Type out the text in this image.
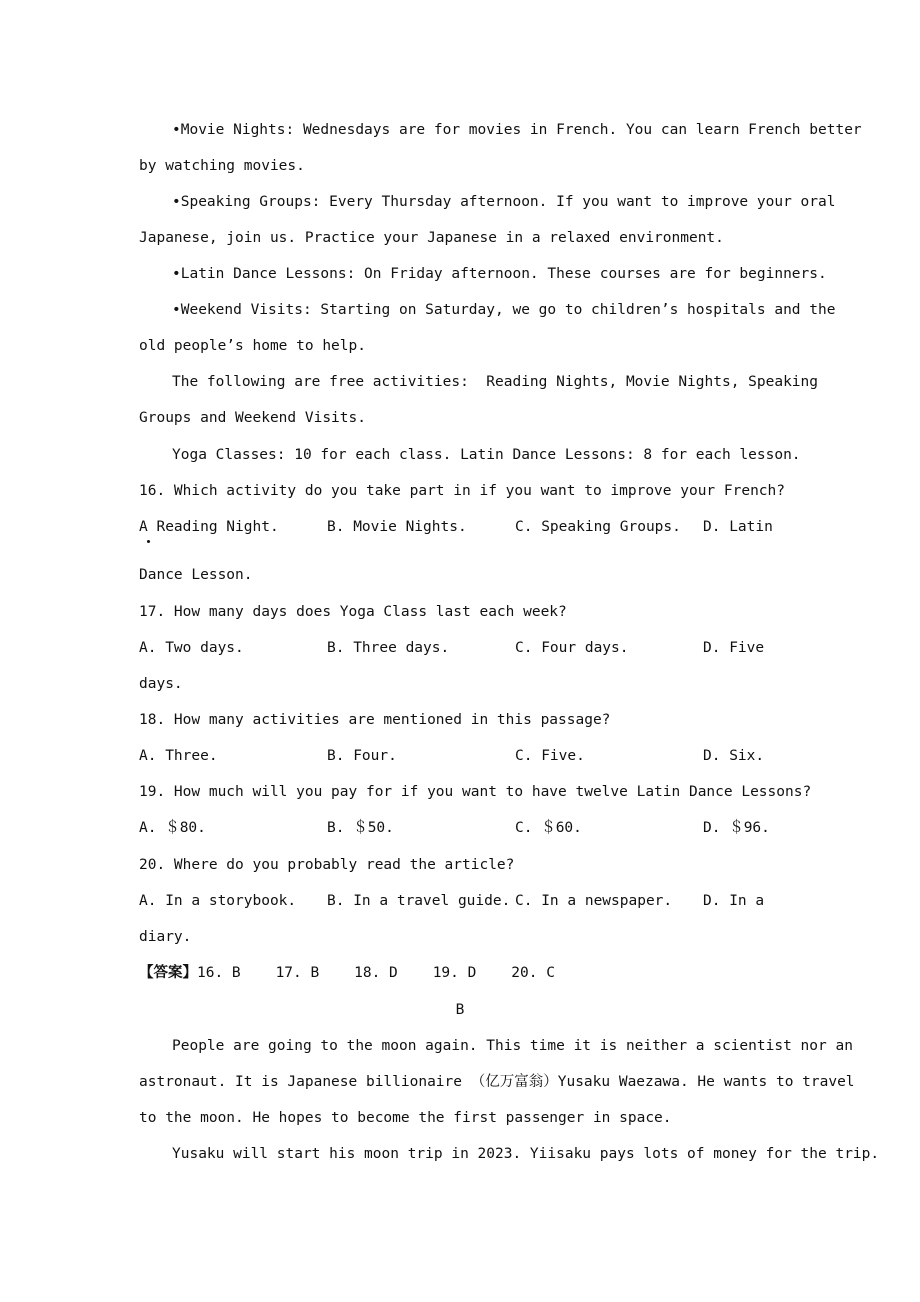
•Movie Nights: Wednesdays are for movies in French. You can learn French better
by watching movies.
•Speaking Groups: Every Thursday afternoon. If you want to improve your oral
Japanese, join us. Practice your Japanese in a relaxed environment.
•Latin Dance Lessons: On Friday afternoon. These courses are for beginners.
•Weekend Visits: Starting on Saturday, we go to children’s hospitals and the
old people’s home to help.
The following are free activities:  Reading Nights, Movie Nights, Speaking
Groups and Weekend Visits.
Yoga Classes: 10 for each class. Latin Dance Lessons: 8 for each lesson.
16. Which activity do you take part in if you want to improve your French?
A Reading Night.	B. Movie Nights.	C. Speaking Groups. D. Latin
Dance Lesson.
17. How many days does Yoga Class last each week?
A. Two days.	B. Three days.	C. Four days.	D. Five
days.
18. How many activities are mentioned in this passage?
A. Three.	B. Four.	C. Five.	D. Six.
19. How much will you pay for if you want to have twelve Latin Dance Lessons?
A. ＄80.	B. ＄50.	C. ＄60.	D. ＄96.
20. Where do you probably read the article?
A. In a storybook. B. In a travel guide. C. In a newspaper. D. In a
diary.
【答案】16. B    17. B    18. D    19. D    20. C
B
People are going to the moon again. This time it is neither a scientist nor an
astronaut. It is Japanese billionaire （亿万富翁）Yusaku Waezawa. He wants to travel
to the moon. He hopes to become the first passenger in space.
Yusaku will start his moon trip in 2023. Yiisaku pays lots of money for the trip.
